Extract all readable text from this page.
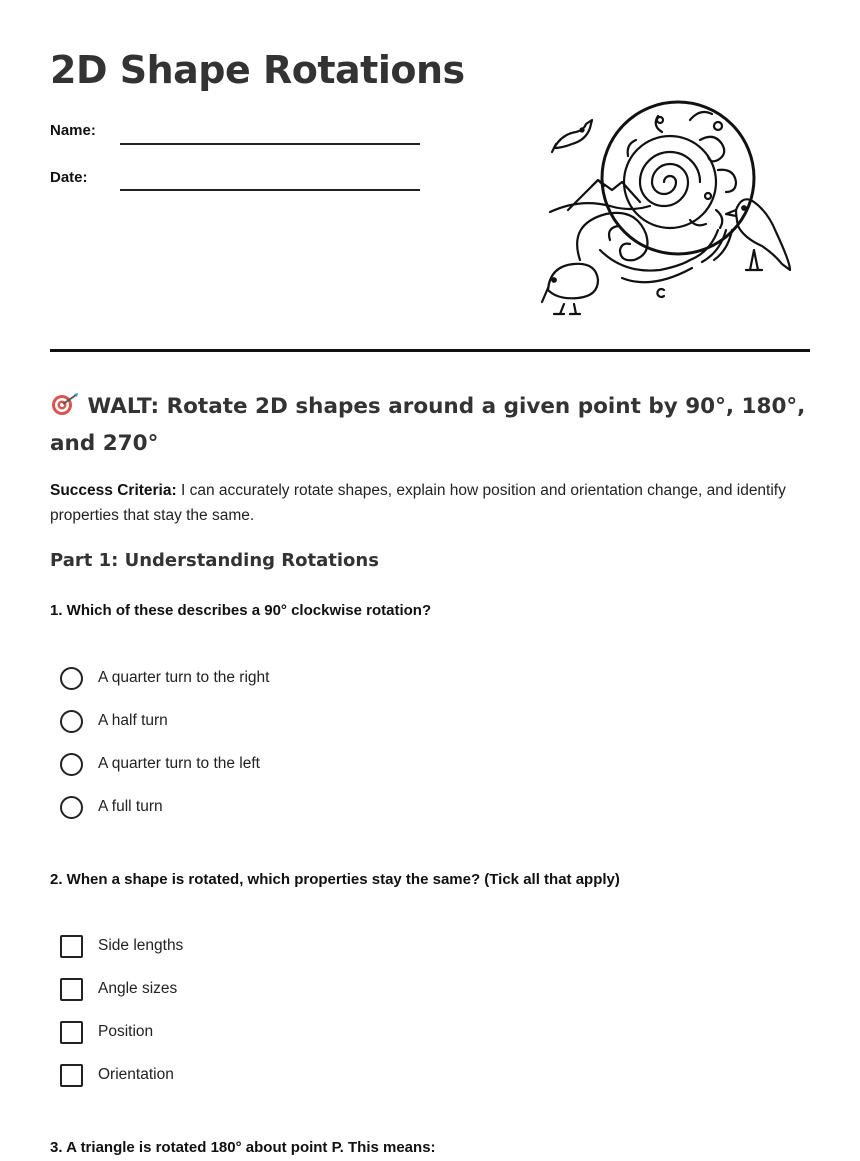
2D Shape Rotations
Name:
Date:
WALT: Rotate 2D shapes around a given point by 90°, 180°, and 270°
Success Criteria: I can accurately rotate shapes, explain how position and orientation change, and identify properties that stay the same.
Part 1: Understanding Rotations
1. Which of these describes a 90° clockwise rotation?
A quarter turn to the right
A half turn
A quarter turn to the left
A full turn
2. When a shape is rotated, which properties stay the same? (Tick all that apply)
Side lengths
Angle sizes
Position
Orientation
3. A triangle is rotated 180° about point P. This means:
